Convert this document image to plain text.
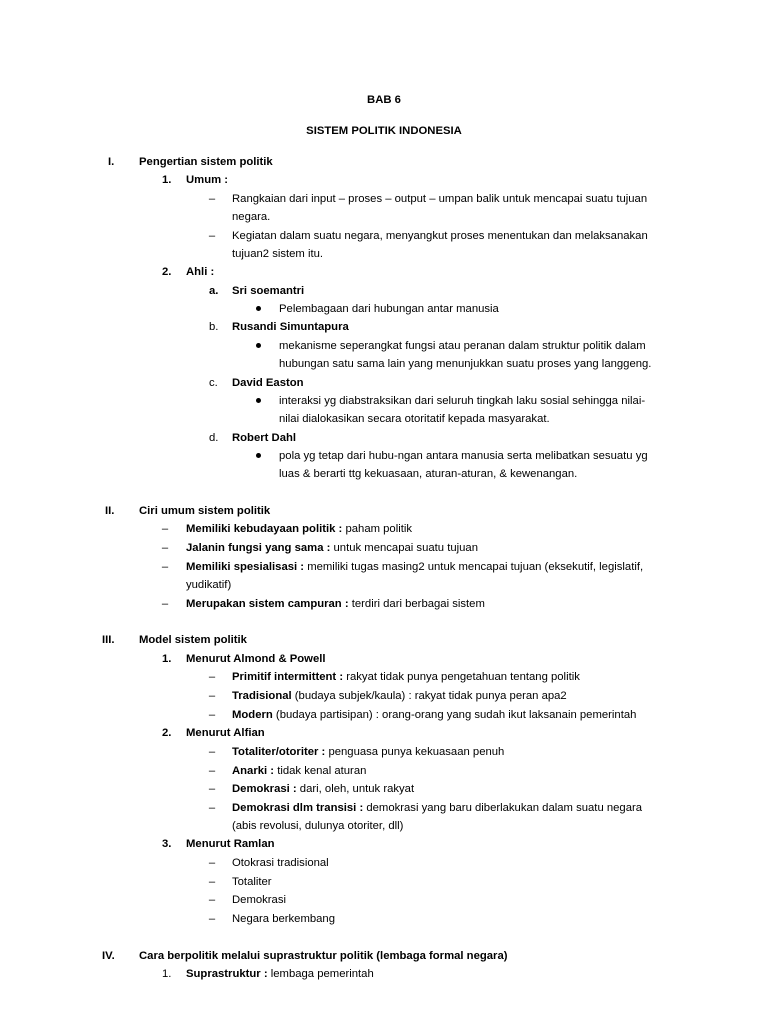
BAB 6
SISTEM POLITIK INDONESIA
I. Pengertian sistem politik
1. Umum :
– Rangkaian dari input – proses – output – umpan balik untuk mencapai suatu tujuan
negara.
– Kegiatan dalam suatu negara, menyangkut proses menentukan dan melaksanakan
tujuan2 sistem itu.
2. Ahli :
a. Sri soemantri
Pelembagaan dari hubungan antar manusia
b. Rusandi Simuntapura
mekanisme seperangkat fungsi atau peranan dalam struktur politik dalam
hubungan satu sama lain yang menunjukkan suatu proses yang langgeng.
c. David Easton
interaksi yg diabstraksikan dari seluruh tingkah laku sosial sehingga nilai-
nilai dialokasikan secara otoritatif kepada masyarakat.
d. Robert Dahl
pola yg tetap dari hubu-ngan antara manusia serta melibatkan sesuatu yg
luas & berarti ttg kekuasaan, aturan-aturan, & kewenangan.
II. Ciri umum sistem politik
– Memiliki kebudayaan politik : paham politik
– Jalanin fungsi yang sama : untuk mencapai suatu tujuan
– Memiliki spesialisasi : memiliki tugas masing2 untuk mencapai tujuan (eksekutif, legislatif,
yudikatif)
– Merupakan sistem campuran : terdiri dari berbagai sistem
III. Model sistem politik
1. Menurut Almond & Powell
– Primitif intermittent : rakyat tidak punya pengetahuan tentang politik
– Tradisional (budaya subjek/kaula) : rakyat tidak punya peran apa2
– Modern (budaya partisipan) : orang-orang yang sudah ikut laksanain pemerintah
2. Menurut Alfian
– Totaliter/otoriter : penguasa punya kekuasaan penuh
– Anarki : tidak kenal aturan
– Demokrasi : dari, oleh, untuk rakyat
– Demokrasi dlm transisi : demokrasi yang baru diberlakukan dalam suatu negara
(abis revolusi, dulunya otoriter, dll)
3. Menurut Ramlan
– Otokrasi tradisional
– Totaliter
– Demokrasi
– Negara berkembang
IV. Cara berpolitik melalui suprastruktur politik (lembaga formal negara)
1. Suprastruktur : lembaga pemerintah
